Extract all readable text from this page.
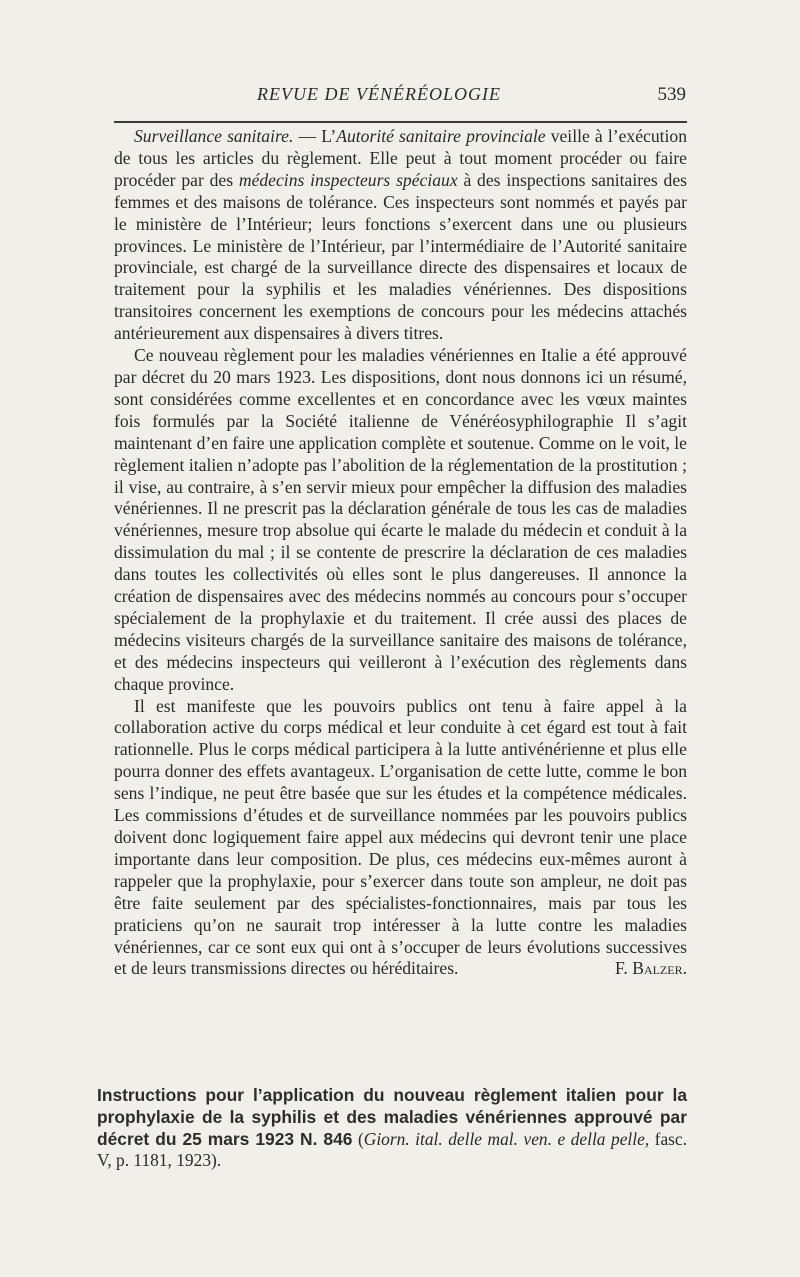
REVUE DE VÉNÉRÉOLOGIE	539

Surveillance sanitaire. — L’Autorité sanitaire provinciale veille à l’exécution de tous les articles du règlement. Elle peut à tout moment procéder ou faire procéder par des médecins inspecteurs spéciaux à des inspections sanitaires des femmes et des maisons de tolérance. Ces inspecteurs sont nommés et payés par le ministère de l’Intérieur; leurs fonctions s’exercent dans une ou plusieurs provinces. Le ministère de l’Intérieur, par l’intermédiaire de l’Autorité sanitaire provinciale, est chargé de la surveillance directe des dispensaires et locaux de traitement pour la syphilis et les maladies vénériennes. Des dispositions transitoires concernent les exemptions de concours pour les médecins attachés antérieurement aux dispensaires à divers titres.

Ce nouveau règlement pour les maladies vénériennes en Italie a été approuvé par décret du 20 mars 1923. Les dispositions, dont nous donnons ici un résumé, sont considérées comme excellentes et en concordance avec les vœux maintes fois formulés par la Société italienne de Vénéréosyphilographie Il s’agit maintenant d’en faire une application complète et soutenue. Comme on le voit, le règlement italien n’adopte pas l’abolition de la réglementation de la prostitution ; il vise, au contraire, à s’en servir mieux pour empêcher la diffusion des maladies vénériennes. Il ne prescrit pas la déclaration générale de tous les cas de maladies vénériennes, mesure trop absolue qui écarte le malade du médecin et conduit à la dissimulation du mal ; il se contente de prescrire la déclaration de ces maladies dans toutes les collectivités où elles sont le plus dangereuses. Il annonce la création de dispensaires avec des médecins nommés au concours pour s’occuper spécialement de la prophylaxie et du traitement. Il crée aussi des places de médecins visiteurs chargés de la surveillance sanitaire des maisons de tolérance, et des médecins inspecteurs qui veilleront à l’exécution des règlements dans chaque province.

Il est manifeste que les pouvoirs publics ont tenu à faire appel à la collaboration active du corps médical et leur conduite à cet égard est tout à fait rationnelle. Plus le corps médical participera à la lutte antivénérienne et plus elle pourra donner des effets avantageux. L’organisation de cette lutte, comme le bon sens l’indique, ne peut être basée que sur les études et la compétence médicales. Les commissions d’études et de surveillance nommées par les pouvoirs publics doivent donc logiquement faire appel aux médecins qui devront tenir une place importante dans leur composition. De plus, ces médecins eux-mêmes auront à rappeler que la prophylaxie, pour s’exercer dans toute son ampleur, ne doit pas être faite seulement par des spécialistes-fonctionnaires, mais par tous les praticiens qu’on ne saurait trop intéresser à la lutte contre les maladies vénériennes, car ce sont eux qui ont à s’occuper de leurs évolutions successives et de leurs transmissions directes ou héréditaires.	F. Balzer.

Instructions pour l’application du nouveau règlement italien pour la prophylaxie de la syphilis et des maladies vénériennes approuvé par décret du 25 mars 1923 N. 846 (Giorn. ital. delle mal. ven. e della pelle, fasc. V, p. 1181, 1923).
